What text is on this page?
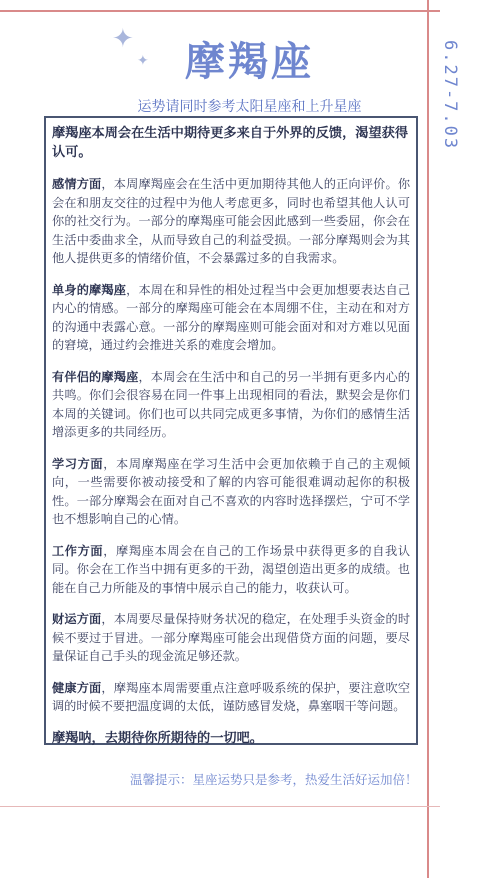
✦
✦ 摩羯座	6.27-7.03
运势请同时参考太阳星座和上升星座

摩羯座本周会在生活中期待更多来自于外界的反馈，渴望获得认可。

感情方面，本周摩羯座会在生活中更加期待其他人的正向评价。你会在和朋友交往的过程中为他人考虑更多，同时也希望其他人认可你的社交行为。一部分的摩羯座可能会因此感到一些委屈，你会在生活中委曲求全，从而导致自己的利益受损。一部分摩羯则会为其他人提供更多的情绪价值，不会暴露过多的自我需求。

单身的摩羯座，本周在和异性的相处过程当中会更加想要表达自己内心的情感。一部分的摩羯座可能会在本周绷不住，主动在和对方的沟通中表露心意。一部分的摩羯座则可能会面对和对方难以见面的窘境，通过约会推进关系的难度会增加。

有伴侣的摩羯座，本周会在生活中和自己的另一半拥有更多内心的共鸣。你们会很容易在同一件事上出现相同的看法，默契会是你们本周的关键词。你们也可以共同完成更多事情，为你们的感情生活增添更多的共同经历。

学习方面，本周摩羯座在学习生活中会更加依赖于自己的主观倾向，一些需要你被动接受和了解的内容可能很难调动起你的积极性。一部分摩羯会在面对自己不喜欢的内容时选择摆烂，宁可不学也不想影响自己的心情。

工作方面，摩羯座本周会在自己的工作场景中获得更多的自我认同。你会在工作当中拥有更多的干劲，渴望创造出更多的成绩。也能在自己力所能及的事情中展示自己的能力，收获认可。

财运方面，本周要尽量保持财务状况的稳定，在处理手头资金的时候不要过于冒进。一部分摩羯座可能会出现借贷方面的问题，要尽量保证自己手头的现金流足够还款。

健康方面，摩羯座本周需要重点注意呼吸系统的保护，要注意吹空调的时候不要把温度调的太低，谨防感冒发烧，鼻塞咽干等问题。

摩羯呐，去期待你所期待的一切吧。

温馨提示：星座运势只是参考，热爱生活好运加倍！
